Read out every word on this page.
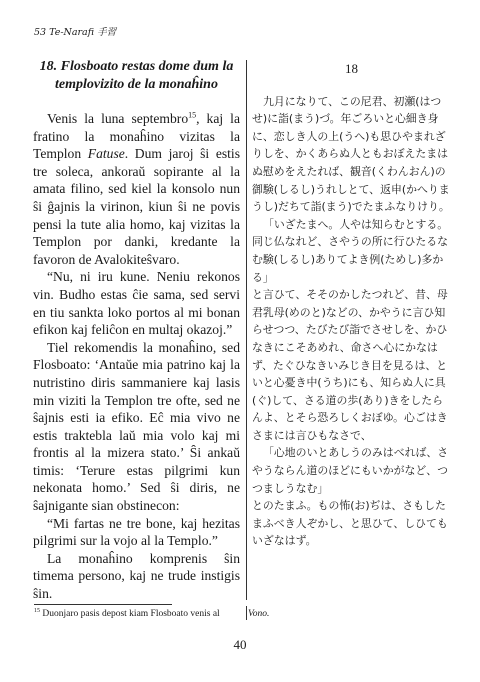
53 Te-Narafi 手習

18. Flosboato restas dome dum la templovizito de la monaĥino

Venis la luna septembro$^{15}$, kaj la fratino la monaĥino vizitas la Templon Fatuse. Dum jaroj ŝi estis tre soleca, ankoraŭ sopirante al la amata filino, sed kiel la konsolo nun ŝi ĝajnis la virinon, kiun ŝi ne povis pensi la tute alia homo, kaj vizitas la Templon por danki, kredante la favoron de Avalokiteŝvaro.

“Nu, ni iru kune. Neniu rekonos vin. Budho estas ĉie sama, sed servi en tiu sankta loko portos al mi bonan efikon kaj feliĉon en multaj okazoj.”

Tiel rekomendis la monaĥino, sed Flosboato: ‘Antaŭe mia patrino kaj la nutristino diris sammaniere kaj lasis min viziti la Templon tre ofte, sed ne ŝajnis esti ia efiko. Eĉ mia vivo ne estis traktebla laŭ mia volo kaj mi frontis al la mizera stato.’ Ŝi ankaŭ timis: ‘Terure estas pilgrimi kun nekonata homo.’ Sed ŝi diris, ne ŝajnigante sian obstinecon:

“Mi fartas ne tre bone, kaj hezitas pilgrimi sur la vojo al la Templo.”

La monaĥino komprenis ŝin timema persono, kaj ne trude instigis ŝin.

18

九月になりて、この尼君、初瀬(はつせ)に詣(まう)づ。年ごろいと心細き身に、恋しき人の上(うへ)も思ひやまれざりしを、かくあらぬ人ともおぼえたまはぬ慰めをえたれば、観音(くわんおん)の御験(しるし)うれしとて、返申(かへりまうし)だちて詣(まう)でたまふなりけり。

「いざたまへ。人やは知らむとする。同じ仏なれど、さやうの所に行ひたるなむ験(しるし)ありてよき例(ためし)多かる」

と言ひて、そそのかしたつれど、昔、母君乳母(めのと)などの、かやうに言ひ知らせつつ、たびたび詣でさせしを、かひなきにこそあめれ、命さへ心にかなはず、たぐひなきいみじき目を見るは、といと心憂き中(うち)にも、知らぬ人に具(ぐ)して、さる道の歩(あり)きをしたらんよ、とそら恐ろしくおぼゆ。心ごはきさまには言ひもなさで、

「心地のいとあしうのみはべれば、さやうならん道のほどにもいかがなど、つつましうなむ」

とのたまふ。もの怖(お)ぢは、さもしたまふべき人ぞかし、と思ひて、しひてもいざなはず。

$^{15}$ Duonjaro pasis depost kiam Flosboato venis al	Vono.
40
